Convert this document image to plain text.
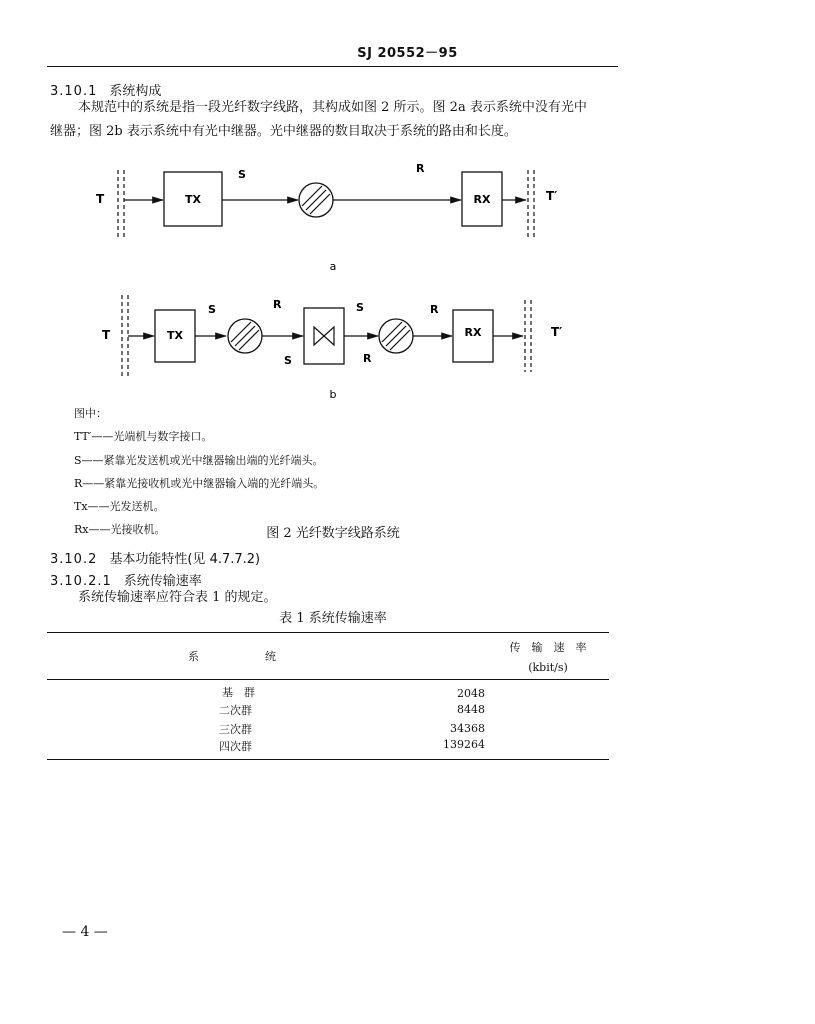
SJ 20552－95
3.10.1 系统构成
本规范中的系统是指一段光纤数字线路，其构成如图 2 所示。图 2a 表示系统中没有光中
继器；图 2b 表示系统中有光中继器。光中继器的数目取决于系统的路由和长度。
T	TX
S	R
RX	T′
a
T	TX
S	R
S
S
R
R
RX	T′
b
图中：
TT′——光端机与数字接口。
S——紧靠光发送机或光中继器输出端的光纤端头。
R——紧靠光接收机或光中继器输入端的光纤端头。
Tx——光发送机。
Rx——光接收机。	图 2 光纤数字线路系统
3.10.2 基本功能特性(见 4.7.7.2)
3.10.2.1 系统传输速率
系统传输速率应符合表 1 的规定。
表 1 系统传输速率
系　　　　　　统	传　输　速　率
(kbit/s)

基　群	2048
二次群	8448
三次群	34368
四次群	139264
— 4 —
